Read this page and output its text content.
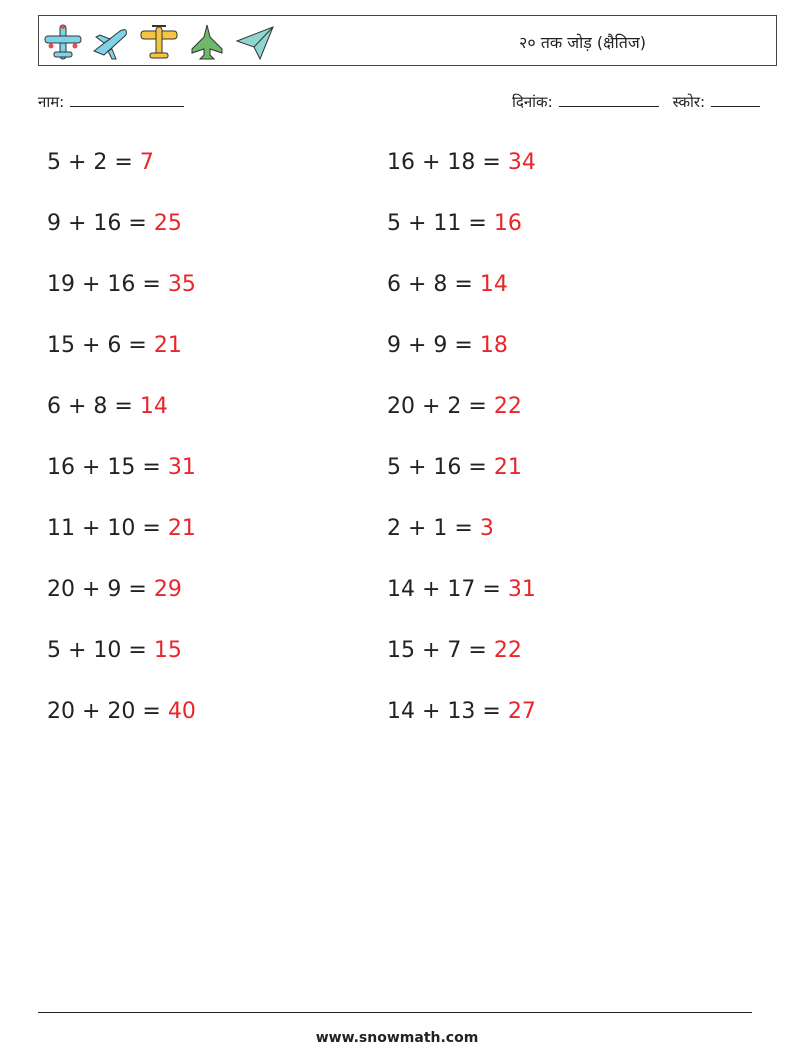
२० तक जोड़ (क्षैतिज)
नाम:	दिनांक:	स्कोर:
5 + 2 = 7	16 + 18 = 34
9 + 16 = 25	5 + 11 = 16
19 + 16 = 35	6 + 8 = 14
15 + 6 = 21	9 + 9 = 18
6 + 8 = 14	20 + 2 = 22
16 + 15 = 31	5 + 16 = 21
11 + 10 = 21	2 + 1 = 3
20 + 9 = 29	14 + 17 = 31
5 + 10 = 15	15 + 7 = 22
20 + 20 = 40	14 + 13 = 27
www.snowmath.com
